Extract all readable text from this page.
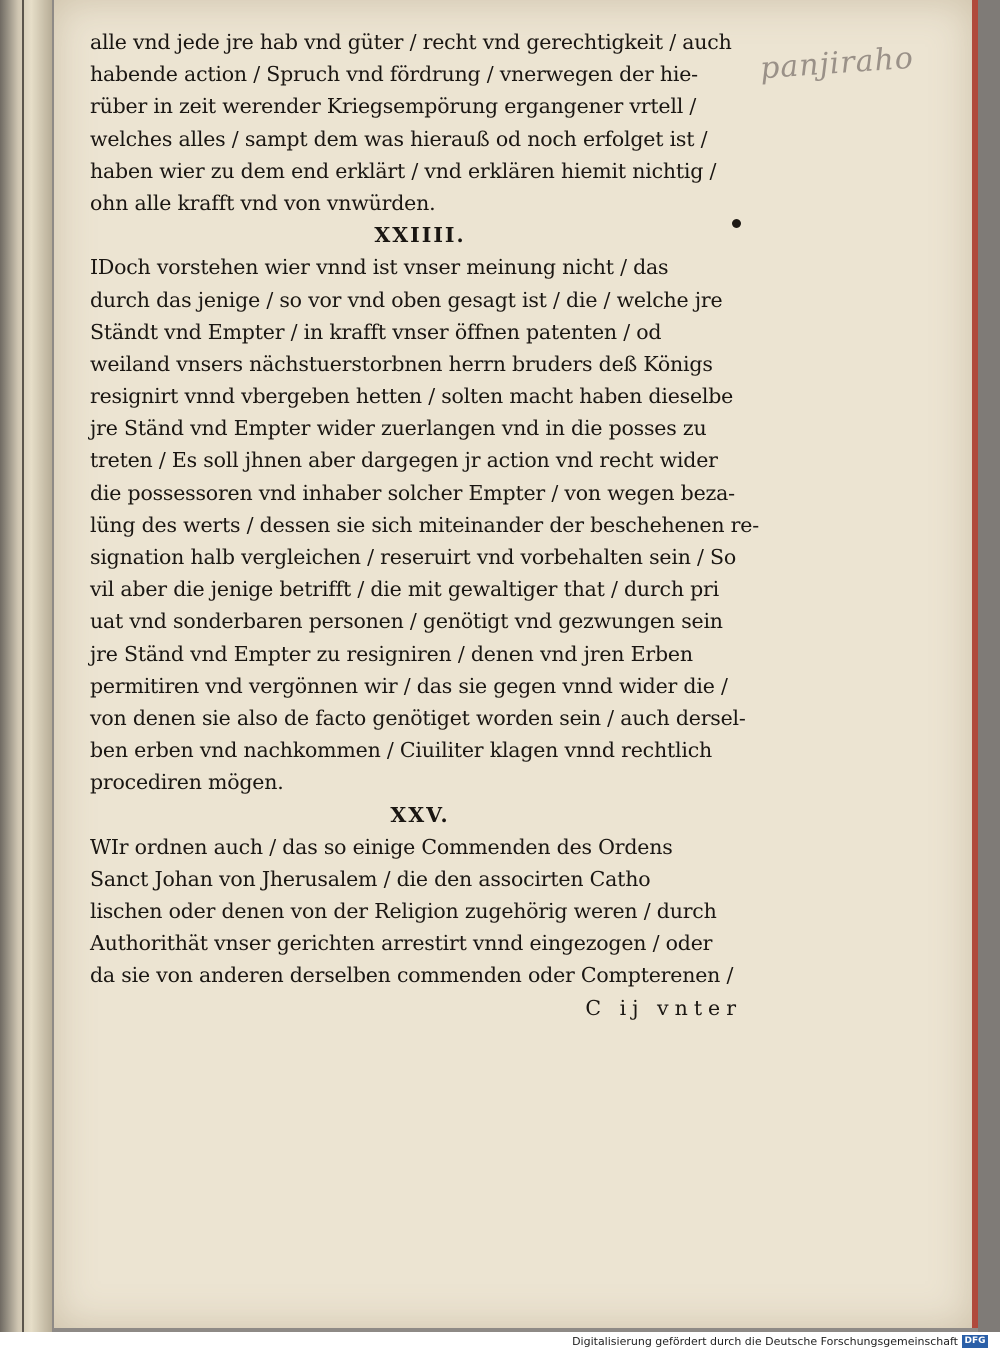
panjiraho
alle vnd jede jre hab vnd güter / recht vnd gerechtigkeit / auch
habende action / Spruch vnd fördrung / vnerwegen der hie-
rüber in zeit werender Kriegsempörung ergangener vrtell /
welches alles / sampt dem was hierauß od noch erfolget ist /
haben wier zu dem end erklärt / vnd erklären hiemit nichtig /
ohn alle krafft vnd von vnwürden.
XXIIII.
IDoch vorstehen wier vnnd ist vnser meinung nicht / das
durch das jenige / so vor vnd oben gesagt ist / die / welche jre
Ständt vnd Empter / in krafft vnser öffnen patenten / od
weiland vnsers nächstuerstorbnen herrn bruders deß Königs
resignirt vnnd vbergeben hetten / solten macht haben dieselbe
jre Ständ vnd Empter wider zuerlangen vnd in die posses zu
treten / Es soll jhnen aber dargegen jr action vnd recht wider
die possessoren vnd inhaber solcher Empter / von wegen beza-
lüng des werts / dessen sie sich miteinander der beschehenen re-
signation halb vergleichen / reseruirt vnd vorbehalten sein / So
vil aber die jenige betrifft / die mit gewaltiger that / durch pri
uat vnd sonderbaren personen / genötigt vnd gezwungen sein
jre Ständ vnd Empter zu resigniren / denen vnd jren Erben
permitiren vnd vergönnen wir / das sie gegen vnnd wider die /
von denen sie also de facto genötiget worden sein / auch dersel-
ben erben vnd nachkommen / Ciuiliter klagen vnnd rechtlich
procediren mögen.
XXV.
WIr ordnen auch / das so einige Commenden des Ordens
Sanct Johan von Jherusalem / die den associrten Catho
lischen oder denen von der Religion zugehörig weren / durch
Authorithät vnser gerichten arrestirt vnnd eingezogen / oder
da sie von anderen derselben commenden oder Compterenen /
C ij vnter
Digitalisierung gefördert durch die Deutsche Forschungsgemeinschaft DFG
